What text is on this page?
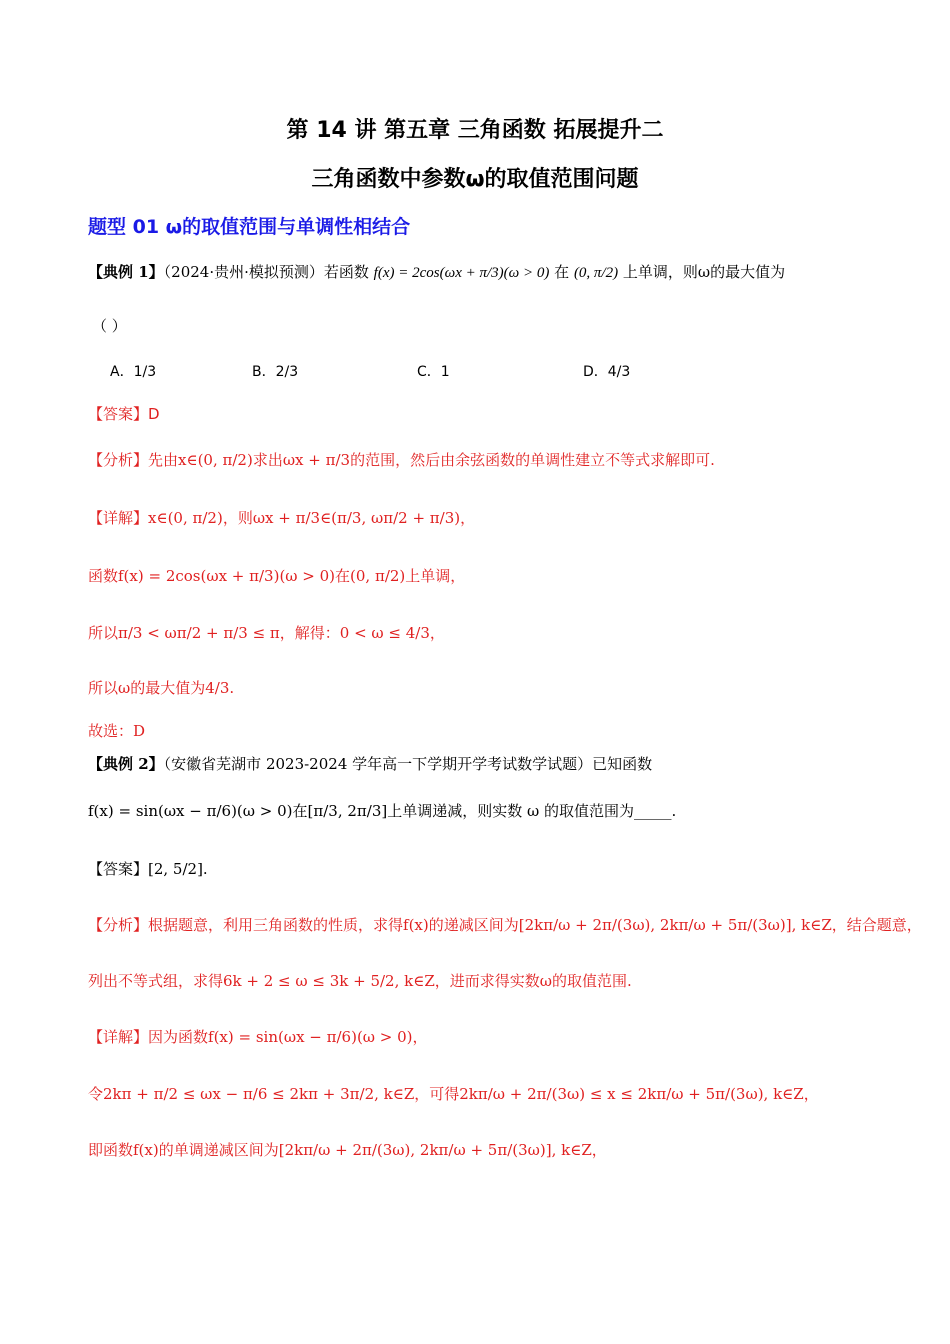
第 14 讲 第五章 三角函数 拓展提升二
三角函数中参数ω的取值范围问题
题型 01 ω的取值范围与单调性相结合
【典例 1】（2024·贵州·模拟预测）若函数 f(x) = 2cos(ωx + π/3)(ω > 0) 在 (0, π/2) 上单调，则ω的最大值为
（ ）
A．1/3	B．2/3	C．1	D．4/3
【答案】D
【分析】先由x∈(0, π/2)求出ωx + π/3的范围，然后由余弦函数的单调性建立不等式求解即可.
【详解】x∈(0, π/2)，则ωx + π/3∈(π/3, ωπ/2 + π/3)，
函数f(x) = 2cos(ωx + π/3)(ω > 0)在(0, π/2)上单调，
所以π/3 < ωπ/2 + π/3 ≤ π，解得：0 < ω ≤ 4/3，
所以ω的最大值为4/3.
故选：D
【典例 2】（安徽省芜湖市 2023-2024 学年高一下学期开学考试数学试题）已知函数
f(x) = sin(ωx − π/6)(ω > 0)在[π/3, 2π/3]上单调递减，则实数 ω 的取值范围为_____.
【答案】[2, 5/2].
【分析】根据题意，利用三角函数的性质，求得f(x)的递减区间为[2kπ/ω + 2π/(3ω), 2kπ/ω + 5π/(3ω)], k∈Z，结合题意，
列出不等式组，求得6k + 2 ≤ ω ≤ 3k + 5/2, k∈Z，进而求得实数ω的取值范围.
【详解】因为函数f(x) = sin(ωx − π/6)(ω > 0)，
令2kπ + π/2 ≤ ωx − π/6 ≤ 2kπ + 3π/2, k∈Z，可得2kπ/ω + 2π/(3ω) ≤ x ≤ 2kπ/ω + 5π/(3ω), k∈Z，
即函数f(x)的单调递减区间为[2kπ/ω + 2π/(3ω), 2kπ/ω + 5π/(3ω)], k∈Z，
